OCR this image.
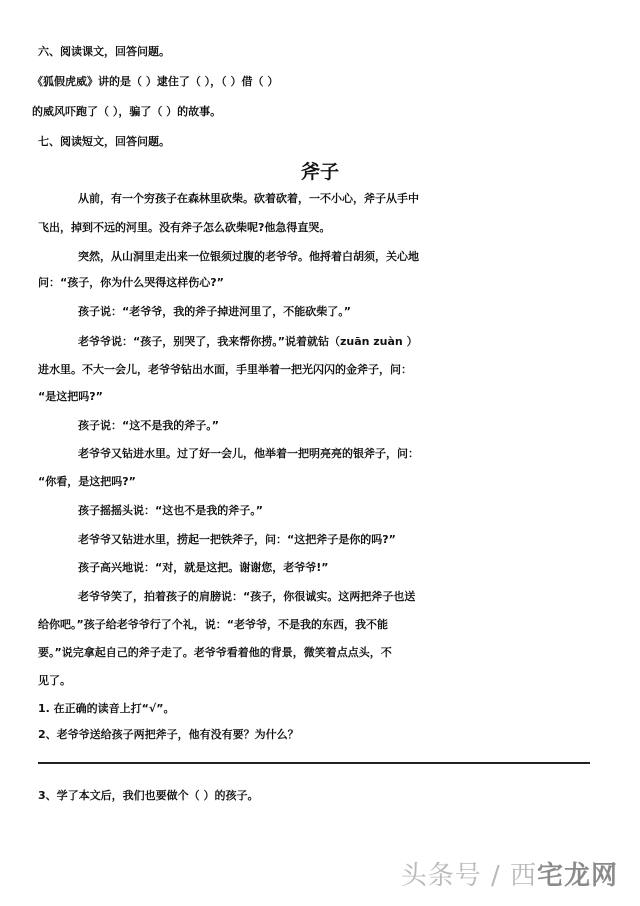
六、阅读课文，回答问题。
《狐假虎威》讲的是（ ）逮住了（ ），（ ）借（ ）
的威风吓跑了（ ），骗了（ ）的故事。
七、阅读短文，回答问题。
斧子
从前，有一个穷孩子在森林里砍柴。砍着砍着，一不小心，斧子从手中
飞出，掉到不远的河里。没有斧子怎么砍柴呢?他急得直哭。
突然，从山洞里走出来一位银须过腹的老爷爷。他捋着白胡须，关心地
问：“孩子，你为什么哭得这样伤心?”
孩子说：“老爷爷，我的斧子掉进河里了，不能砍柴了。”
老爷爷说：“孩子，别哭了，我来帮你捞。”说着就钻（zuān zuàn ）
进水里。不大一会儿，老爷爷钻出水面，手里举着一把光闪闪的金斧子，问：
“是这把吗?”
孩子说：“这不是我的斧子。”
老爷爷又钻进水里。过了好一会儿，他举着一把明亮亮的银斧子，问：
“你看，是这把吗?”
孩子摇摇头说：“这也不是我的斧子。”
老爷爷又钻进水里，捞起一把铁斧子，问：“这把斧子是你的吗?”
孩子高兴地说：“对，就是这把。谢谢您，老爷爷!”
老爷爷笑了，拍着孩子的肩膀说：“孩子，你很诚实。这两把斧子也送
给你吧。”孩子给老爷爷行了个礼，说：“老爷爷，不是我的东西，我不能
要。”说完拿起自己的斧子走了。老爷爷看着他的背景，微笑着点点头，不
见了。
1. 在正确的读音上打“√”。
2、老爷爷送给孩子两把斧子，他有没有要？为什么？
3、学了本文后，我们也要做个（ ）的孩子。
头条号 / 西宅龙网
